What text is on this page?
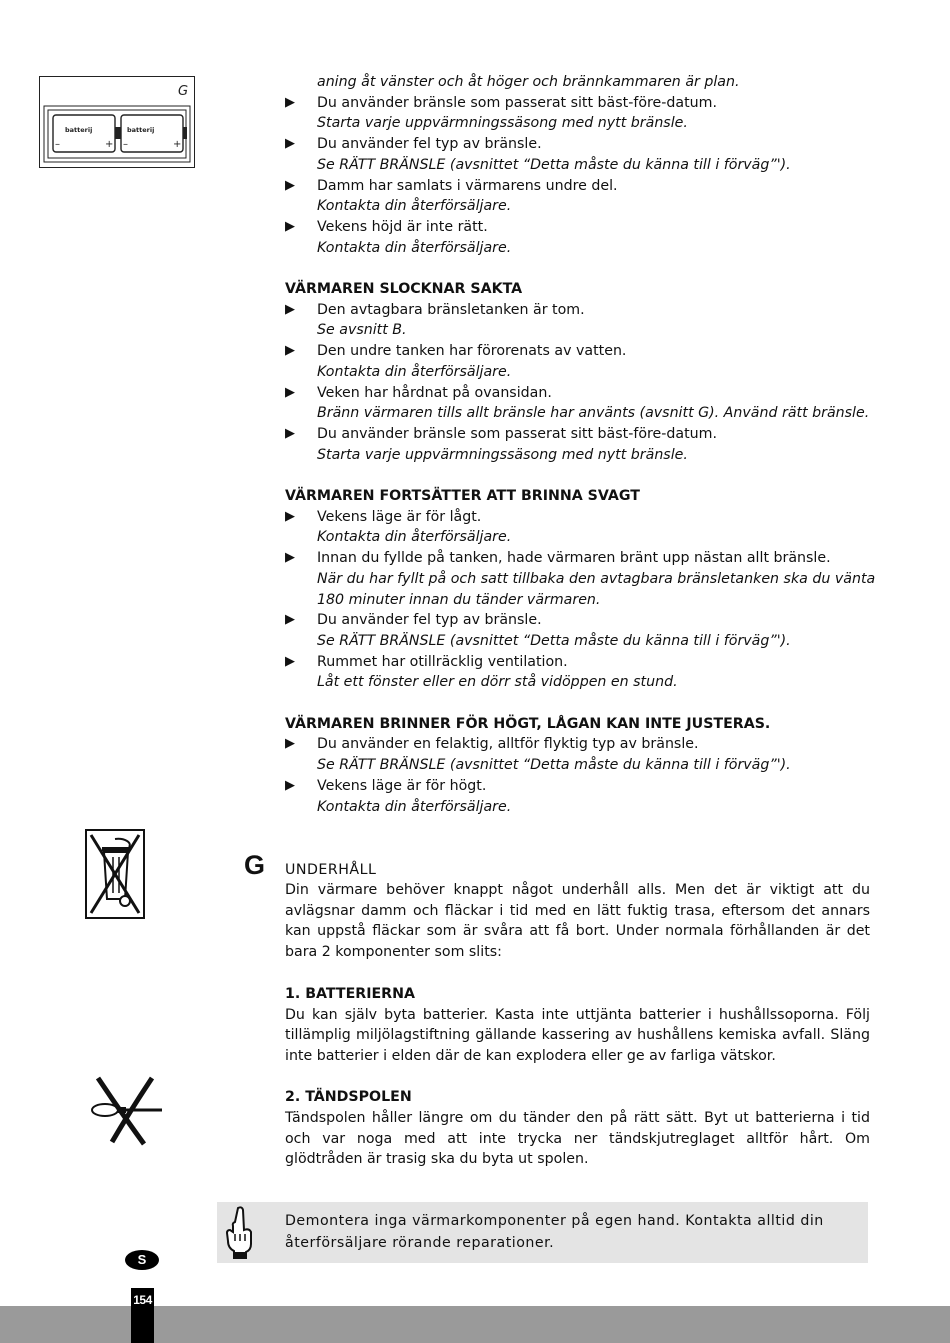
G
batterij	batterij
–	+ –	+
aning åt vänster och åt höger och brännkammaren är plan.
▶ Du använder bränsle som passerat sitt bäst-före-datum.
Starta varje uppvärmningssäsong med nytt bränsle.
▶ Du använder fel typ av bränsle.
Se RÄTT BRÄNSLE (avsnittet “Detta måste du känna till i förväg”').
▶ Damm har samlats i värmarens undre del.
Kontakta din återförsäljare.
▶ Vekens höjd är inte rätt.
Kontakta din återförsäljare.
VÄRMAREN SLOCKNAR SAKTA
▶ Den avtagbara bränsletanken är tom.
Se avsnitt B.
▶ Den undre tanken har förorenats av vatten.
Kontakta din återförsäljare.
▶ Veken har hårdnat på ovansidan.
Bränn värmaren tills allt bränsle har använts (avsnitt G). Använd rätt bränsle.
▶ Du använder bränsle som passerat sitt bäst-före-datum.
Starta varje uppvärmningssäsong med nytt bränsle.
VÄRMAREN FORTSÄTTER ATT BRINNA SVAGT
▶ Vekens läge är för lågt.
Kontakta din återförsäljare.
▶ Innan du fyllde på tanken, hade värmaren bränt upp nästan allt bränsle.
När du har fyllt på och satt tillbaka den avtagbara bränsletanken ska du vänta
180 minuter innan du tänder värmaren.
▶ Du använder fel typ av bränsle.
Se RÄTT BRÄNSLE (avsnittet “Detta måste du känna till i förväg”').
▶ Rummet har otillräcklig ventilation.
Låt ett fönster eller en dörr stå vidöppen en stund.
VÄRMAREN BRINNER FÖR HÖGT, LÅGAN KAN INTE JUSTERAS.
▶ Du använder en felaktig, alltför flyktig typ av bränsle.
Se RÄTT BRÄNSLE (avsnittet “Detta måste du känna till i förväg”').
▶ Vekens läge är för högt.
Kontakta din återförsäljare.
G UNDERHÅLL
Din värmare behöver knappt något underhåll alls. Men det är viktigt att du avlägsnar damm och fläckar i tid med en lätt fuktig trasa, eftersom det annars kan uppstå fläckar som är svåra att få bort. Under normala förhållanden är det bara 2 komponenter som slits:
1. BATTERIERNA
Du kan själv byta batterier. Kasta inte uttjänta batterier i hushållssoporna. Följ tillämplig miljölagstiftning gällande kassering av hushållens kemiska avfall. Släng inte batterier i elden där de kan explodera eller ge av farliga vätskor.
2. TÄNDSPOLEN
Tändspolen håller längre om du tänder den på rätt sätt. Byt ut batterierna i tid och var noga med att inte trycka ner tändskjutreglaget alltför hårt. Om glödtråden är trasig ska du byta ut spolen.
Demontera inga värmarkomponenter på egen hand. Kontakta alltid din återförsäljare rörande reparationer.
S
154
